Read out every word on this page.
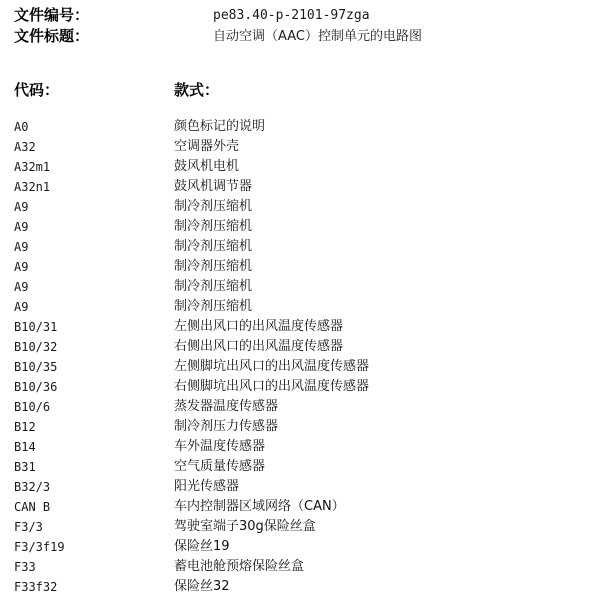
文件编号：	pe83.40-p-2101-97zga
文件标题：	自动空调（AAC）控制单元的电路图
代码：	款式：
A0	颜色标记的说明
A32	空调器外壳
A32m1	鼓风机电机
A32n1	鼓风机调节器
A9	制冷剂压缩机
A9	制冷剂压缩机
A9	制冷剂压缩机
A9	制冷剂压缩机
A9	制冷剂压缩机
A9	制冷剂压缩机
B10/31	左侧出风口的出风温度传感器
B10/32	右侧出风口的出风温度传感器
B10/35	左侧脚坑出风口的出风温度传感器
B10/36	右侧脚坑出风口的出风温度传感器
B10/6	蒸发器温度传感器
B12	制冷剂压力传感器
B14	车外温度传感器
B31	空气质量传感器
B32/3	阳光传感器
CAN B	车内控制器区域网络（CAN）
F3/3	驾驶室端子30g保险丝盒
F3/3f19	保险丝19
F33	蓄电池舱预熔保险丝盒
F33f32	保险丝32
